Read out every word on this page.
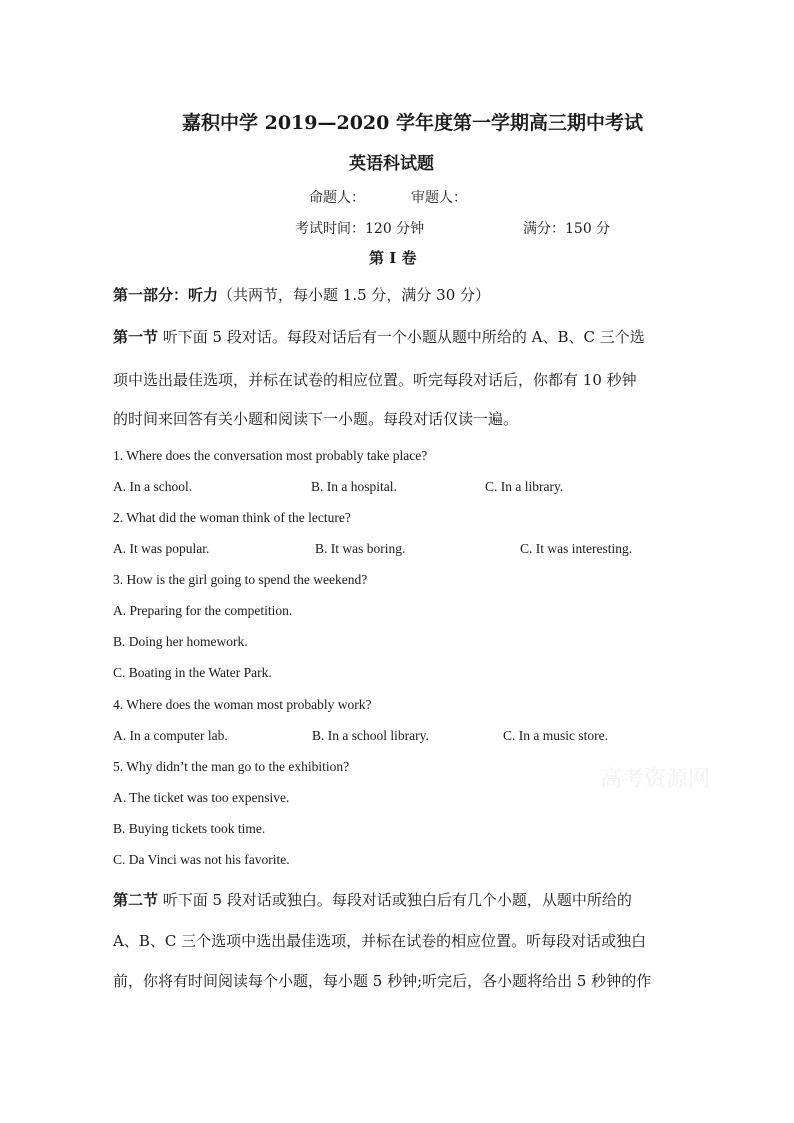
嘉积中学 2019—2020 学年度第一学期高三期中考试
英语科试题
命题人：	审题人：
考试时间：120 分钟	满分：150 分
第 I 卷
第一部分：听力（共两节，每小题 1.5 分，满分 30 分）
第一节 听下面 5 段对话。每段对话后有一个小题从题中所给的 A、B、C 三个选
项中选出最佳选项，并标在试卷的相应位置。听完每段对话后，你都有 10 秒钟
的时间来回答有关小题和阅读下一小题。每段对话仅读一遍。
1. Where does the conversation most probably take place?
A. In a school.	B. In a hospital.	C. In a library.
2. What did the woman think of the lecture?
A. It was popular.	B. It was boring.	C. It was interesting.
3. How is the girl going to spend the weekend?
A. Preparing for the competition.
B. Doing her homework.
C. Boating in the Water Park.
4. Where does the woman most probably work?
A. In a computer lab.	B. In a school library.	C. In a music store.
5. Why didn’t the man go to the exhibition?
A. The ticket was too expensive.
B. Buying tickets took time.
C. Da Vinci was not his favorite.
第二节 听下面 5 段对话或独白。每段对话或独白后有几个小题，从题中所给的
A、B、C 三个选项中选出最佳选项，并标在试卷的相应位置。听每段对话或独白
前，你将有时间阅读每个小题，每小题 5 秒钟;听完后，各小题将给出 5 秒钟的作
高考资源网
